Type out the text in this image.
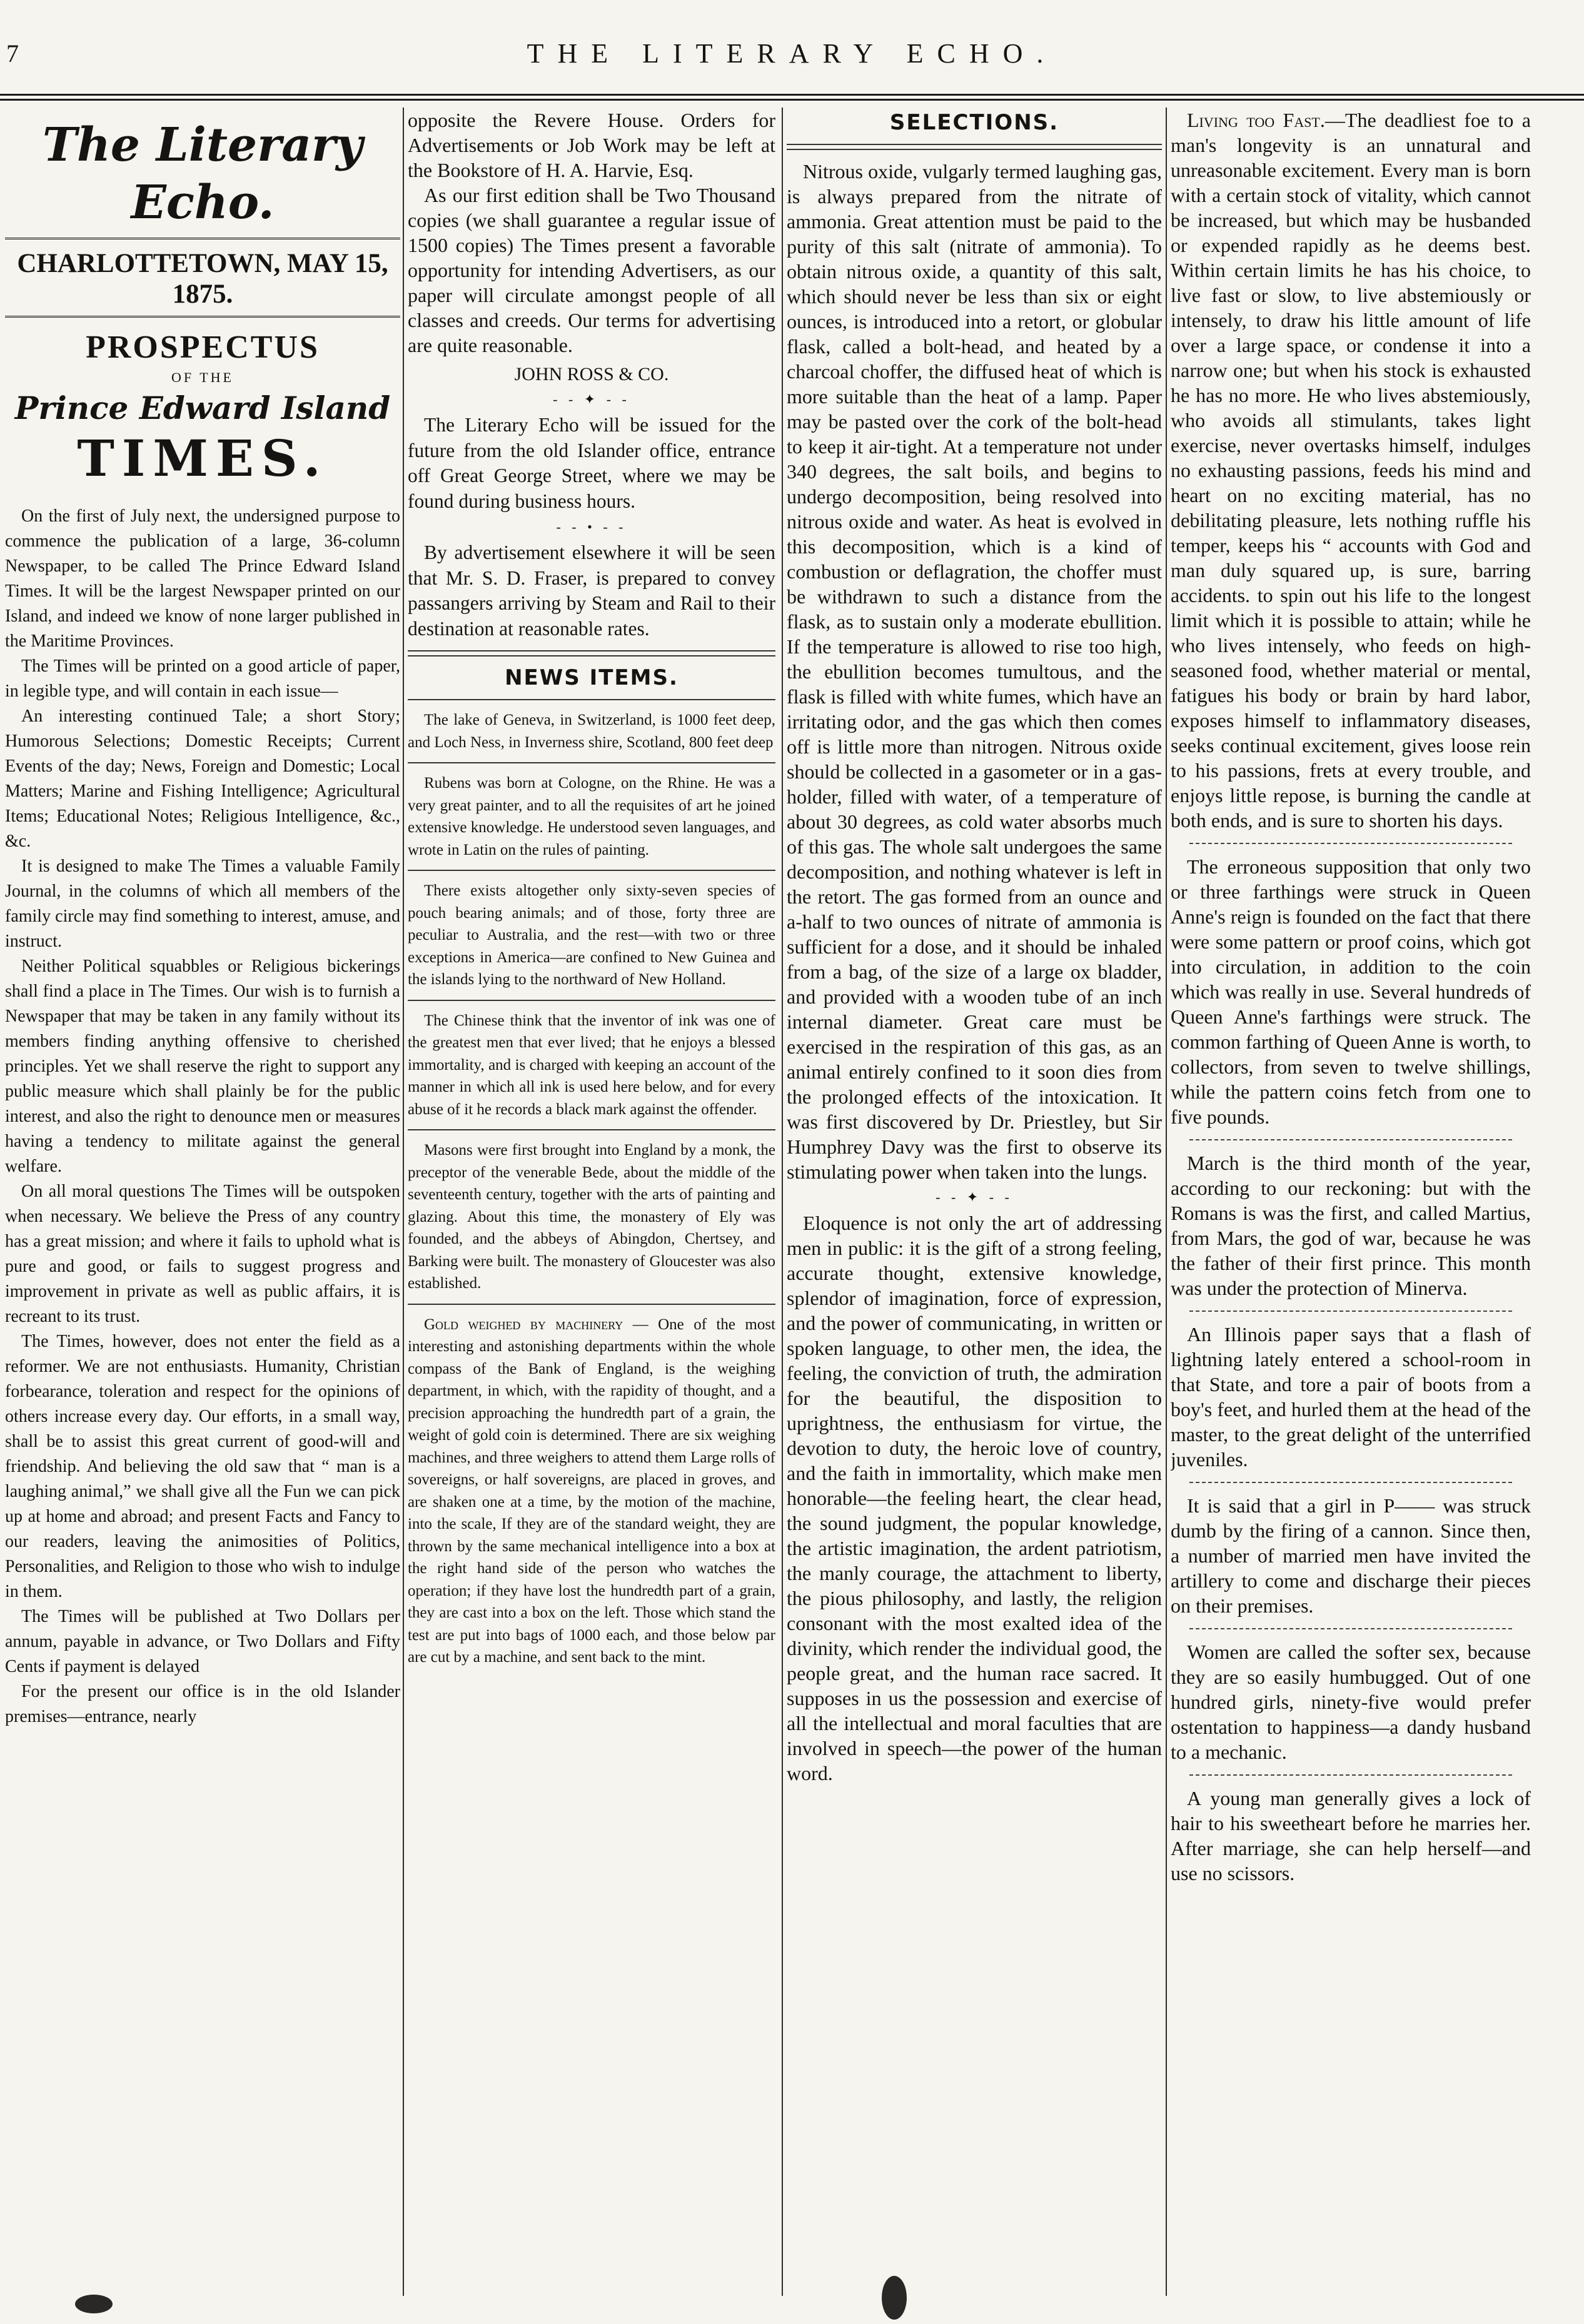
7	THE LITERARY ECHO.
The Literary Echo.
CHARLOTTETOWN, MAY 15, 1875.
PROSPECTUS
OF THE
Prince Edward Island
TIMES.

On the first of July next, the undersigned purpose to commence the publication of a large, 36-column Newspaper, to be called The Prince Edward Island Times. It will be the largest Newspaper printed on our Island, and indeed we know of none larger published in the Maritime Provinces.

The Times will be printed on a good article of paper, in legible type, and will contain in each issue—

An interesting continued Tale; a short Story; Humorous Selections; Domestic Receipts; Current Events of the day; News, Foreign and Domestic; Local Matters; Marine and Fishing Intelligence; Agricultural Items; Educational Notes; Religious Intelligence, &c., &c.

It is designed to make The Times a valuable Family Journal, in the columns of which all members of the family circle may find something to interest, amuse, and instruct.

Neither Political squabbles or Religious bickerings shall find a place in The Times. Our wish is to furnish a Newspaper that may be taken in any family without its members finding anything offensive to cherished principles. Yet we shall reserve the right to support any public measure which shall plainly be for the public interest, and also the right to denounce men or measures having a tendency to militate against the general welfare.

On all moral questions The Times will be outspoken when necessary. We believe the Press of any country has a great mission; and where it fails to uphold what is pure and good, or fails to suggest progress and improvement in private as well as public affairs, it is recreant to its trust.

The Times, however, does not enter the field as a reformer. We are not enthusiasts. Humanity, Christian forbearance, toleration and respect for the opinions of others increase every day. Our efforts, in a small way, shall be to assist this great current of good-will and friendship. And believing the old saw that “ man is a laughing animal,” we shall give all the Fun we can pick up at home and abroad; and present Facts and Fancy to our readers, leaving the animosities of Politics, Personalities, and Religion to those who wish to indulge in them.

The Times will be published at Two Dollars per annum, payable in advance, or Two Dollars and Fifty Cents if payment is delayed

For the present our office is in the old Islander premises—entrance, nearly

opposite the Revere House. Orders for Advertisements or Job Work may be left at the Bookstore of H. A. Harvie, Esq.

As our first edition shall be Two Thousand copies (we shall guarantee a regular issue of 1500 copies) The Times present a favorable opportunity for intending Advertisers, as our paper will circulate amongst people of all classes and creeds. Our terms for advertising are quite reasonable.

JOHN ROSS & CO.
- - ✦ - -

The Literary Echo will be issued for the future from the old Islander office, entrance off Great George Street, where we may be found during business hours.

- - • - -

By advertisement elsewhere it will be seen that Mr. S. D. Fraser, is prepared to convey passangers arriving by Steam and Rail to their destination at reasonable rates.

NEWS ITEMS.

The lake of Geneva, in Switzerland, is 1000 feet deep, and Loch Ness, in Inverness shire, Scotland, 800 feet deep

Rubens was born at Cologne, on the Rhine. He was a very great painter, and to all the requisites of art he joined extensive knowledge. He understood seven languages, and wrote in Latin on the rules of painting.

There exists altogether only sixty-seven species of pouch bearing animals; and of those, forty three are peculiar to Australia, and the rest—with two or three exceptions in America—are confined to New Guinea and the islands lying to the northward of New Holland.

The Chinese think that the inventor of ink was one of the greatest men that ever lived; that he enjoys a blessed immortality, and is charged with keeping an account of the manner in which all ink is used here below, and for every abuse of it he records a black mark against the offender.

Masons were first brought into England by a monk, the preceptor of the venerable Bede, about the middle of the seventeenth century, together with the arts of painting and glazing. About this time, the monastery of Ely was founded, and the abbeys of Abingdon, Chertsey, and Barking were built. The monastery of Gloucester was also established.

Gold weighed by machinery — One of the most interesting and astonishing departments within the whole compass of the Bank of England, is the weighing department, in which, with the rapidity of thought, and a precision approaching the hundredth part of a grain, the weight of gold coin is determined. There are six weighing machines, and three weighers to attend them Large rolls of sovereigns, or half sovereigns, are placed in groves, and are shaken one at a time, by the motion of the machine, into the scale, If they are of the standard weight, they are thrown by the same mechanical intelligence into a box at the right hand side of the person who watches the operation; if they have lost the hundredth part of a grain, they are cast into a box on the left. Those which stand the test are put into bags of 1000 each, and those below par are cut by a machine, and sent back to the mint.

SELECTIONS.

Nitrous oxide, vulgarly termed laughing gas, is always prepared from the nitrate of ammonia. Great attention must be paid to the purity of this salt (nitrate of ammonia). To obtain nitrous oxide, a quantity of this salt, which should never be less than six or eight ounces, is introduced into a retort, or globular flask, called a bolt-head, and heated by a charcoal choffer, the diffused heat of which is more suitable than the heat of a lamp. Paper may be pasted over the cork of the bolt-head to keep it air-tight. At a temperature not under 340 degrees, the salt boils, and begins to undergo decomposition, being resolved into nitrous oxide and water. As heat is evolved in this decomposition, which is a kind of combustion or deflagration, the choffer must be withdrawn to such a distance from the flask, as to sustain only a moderate ebullition. If the temperature is allowed to rise too high, the ebullition becomes tumultous, and the flask is filled with white fumes, which have an irritating odor, and the gas which then comes off is little more than nitrogen. Nitrous oxide should be collected in a gasometer or in a gas-holder, filled with water, of a temperature of about 30 degrees, as cold water absorbs much of this gas. The whole salt undergoes the same decomposition, and nothing whatever is left in the retort. The gas formed from an ounce and a-half to two ounces of nitrate of ammonia is sufficient for a dose, and it should be inhaled from a bag, of the size of a large ox bladder, and provided with a wooden tube of an inch internal diameter. Great care must be exercised in the respiration of this gas, as an animal entirely confined to it soon dies from the prolonged effects of the intoxication. It was first discovered by Dr. Priestley, but Sir Humphrey Davy was the first to observe its stimulating power when taken into the lungs.

- - ✦ - -

Eloquence is not only the art of addressing men in public: it is the gift of a strong feeling, accurate thought, extensive knowledge, splendor of imagination, force of expression, and the power of communicating, in written or spoken language, to other men, the idea, the feeling, the conviction of truth, the admiration for the beautiful, the disposition to uprightness, the enthusiasm for virtue, the devotion to duty, the heroic love of country, and the faith in immortality, which make men honorable—the feeling heart, the clear head, the sound judgment, the popular knowledge, the artistic imagination, the ardent patriotism, the manly courage, the attachment to liberty, the pious philosophy, and lastly, the religion consonant with the most exalted idea of the divinity, which render the individual good, the people great, and the human race sacred. It supposes in us the possession and exercise of all the intellectual and moral faculties that are involved in speech—the power of the human word.

Living too Fast.—The deadliest foe to a man's longevity is an unnatural and unreasonable excitement. Every man is born with a certain stock of vitality, which cannot be increased, but which may be husbanded or expended rapidly as he deems best. Within certain limits he has his choice, to live fast or slow, to live abstemiously or intensely, to draw his little amount of life over a large space, or condense it into a narrow one; but when his stock is exhausted he has no more. He who lives abstemiously, who avoids all stimulants, takes light exercise, never overtasks himself, indulges no exhausting passions, feeds his mind and heart on no exciting material, has no debilitating pleasure, lets nothing ruffle his temper, keeps his “ accounts with God and man duly squared up, is sure, barring accidents. to spin out his life to the longest limit which it is possible to attain; while he who lives intensely, who feeds on high-seasoned food, whether material or mental, fatigues his body or brain by hard labor, exposes himself to inflammatory diseases, seeks continual excitement, gives loose rein to his passions, frets at every trouble, and enjoys little repose, is burning the candle at both ends, and is sure to shorten his days.

The erroneous supposition that only two or three farthings were struck in Queen Anne's reign is founded on the fact that there were some pattern or proof coins, which got into circulation, in addition to the coin which was really in use. Several hundreds of Queen Anne's farthings were struck. The common farthing of Queen Anne is worth, to collectors, from seven to twelve shillings, while the pattern coins fetch from one to five pounds.

March is the third month of the year, according to our reckoning: but with the Romans is was the first, and called Martius, from Mars, the god of war, because he was the father of their first prince. This month was under the protection of Minerva.

An Illinois paper says that a flash of lightning lately entered a school-room in that State, and tore a pair of boots from a boy's feet, and hurled them at the head of the master, to the great delight of the unterrified juveniles.

It is said that a girl in P—— was struck dumb by the firing of a cannon. Since then, a number of married men have invited the artillery to come and discharge their pieces on their premises.

Women are called the softer sex, because they are so easily humbugged. Out of one hundred girls, ninety-five would prefer ostentation to happiness—a dandy husband to a mechanic.

A young man generally gives a lock of hair to his sweetheart before he marries her. After marriage, she can help herself—and use no scissors.
